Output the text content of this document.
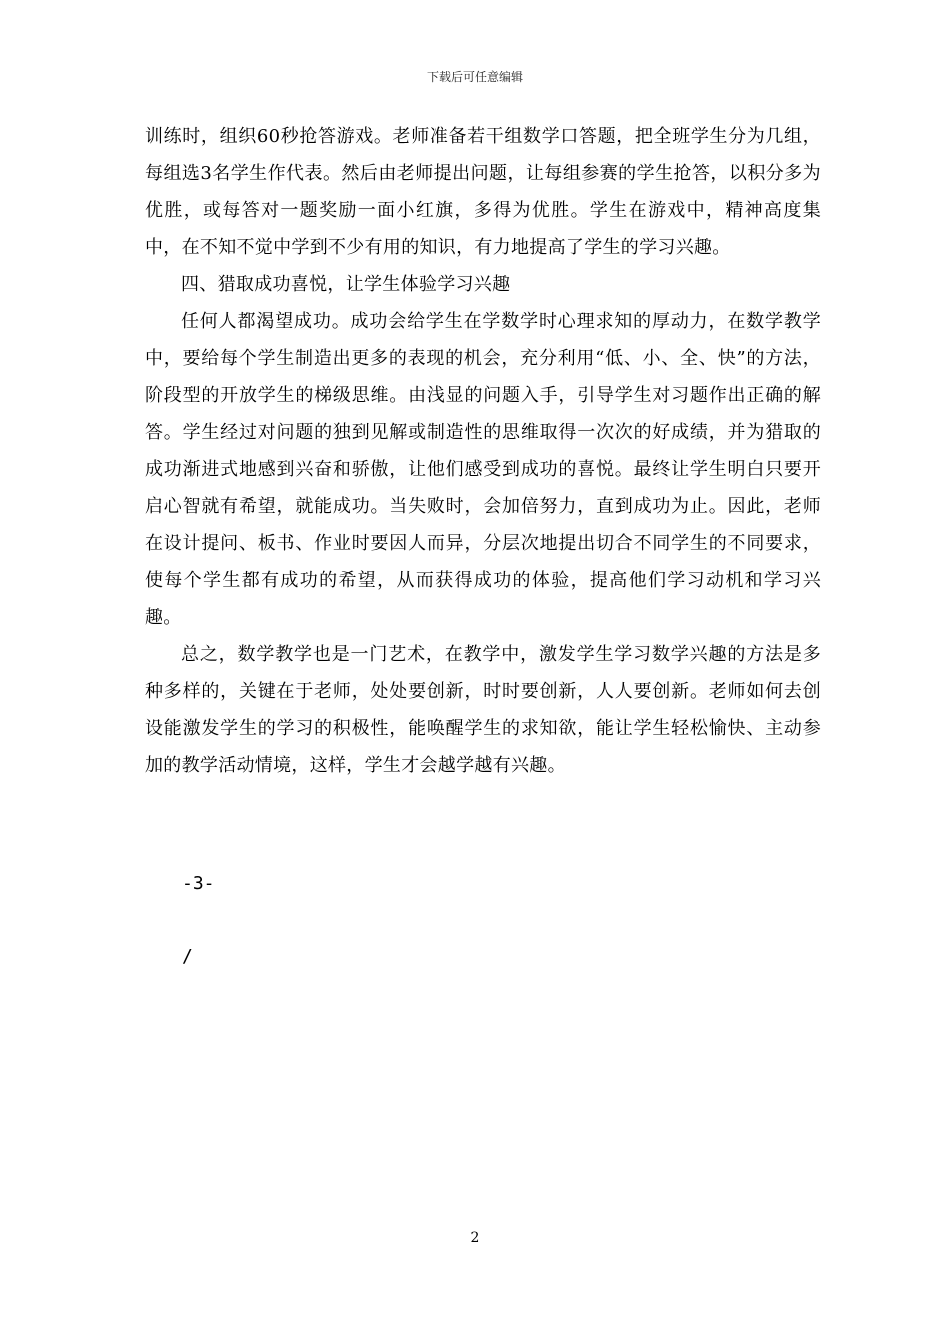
下载后可任意编辑

训练时，组织60秒抢答游戏。老师准备若干组数学口答题，把全班学生分为几组，每组选3名学生作代表。然后由老师提出问题，让每组参赛的学生抢答，以积分多为优胜，或每答对一题奖励一面小红旗，多得为优胜。学生在游戏中，精神高度集中，在不知不觉中学到不少有用的知识，有力地提高了学生的学习兴趣。

四、猎取成功喜悦，让学生体验学习兴趣

任何人都渴望成功。成功会给学生在学数学时心理求知的厚动力，在数学教学中，要给每个学生制造出更多的表现的机会，充分利用“低、小、全、快”的方法，阶段型的开放学生的梯级思维。由浅显的问题入手，引导学生对习题作出正确的解答。学生经过对问题的独到见解或制造性的思维取得一次次的好成绩，并为猎取的成功渐进式地感到兴奋和骄傲，让他们感受到成功的喜悦。最终让学生明白只要开启心智就有希望，就能成功。当失败时，会加倍努力，直到成功为止。因此，老师在设计提问、板书、作业时要因人而异，分层次地提出切合不同学生的不同要求，使每个学生都有成功的希望，从而获得成功的体验，提高他们学习动机和学习兴趣。

总之，数学教学也是一门艺术，在教学中，激发学生学习数学兴趣的方法是多种多样的，关键在于老师，处处要创新，时时要创新，人人要创新。老师如何去创设能激发学生的学习的积极性，能唤醒学生的求知欲，能让学生轻松愉快、主动参加的教学活动情境，这样，学生才会越学越有兴趣。

-3-
/
2
